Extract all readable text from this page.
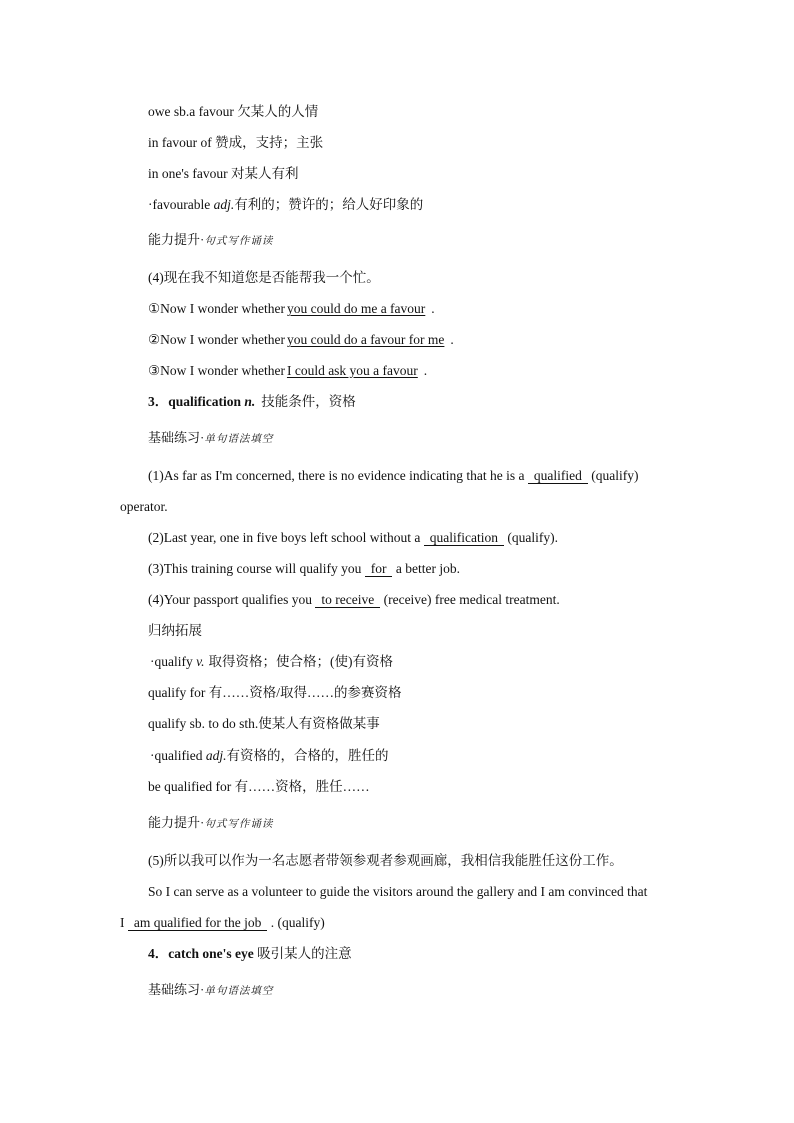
owe sb.a favour 欠某人的人情
in favour of 赞成，支持；主张
in one's favour 对某人有利
·favourable adj.有利的；赞许的；给人好印象的
能力提升·句式写作诵读
(4)现在我不知道您是否能帮我一个忙。
①Now I wonder whether you could do me a favour .
②Now I wonder whether you could do a favour for me .
③Now I wonder whether I could ask you a favour .
3．qualification n. 技能条件，资格
基础练习·单句语法填空
(1)As far as I'm concerned, there is no evidence indicating that he is a qualified (qualify)
operator.
(2)Last year, one in five boys left school without a qualification (qualify).
(3)This training course will qualify you for a better job.
(4)Your passport qualifies you to receive (receive) free medical treatment.
归纳拓展
·qualify v. 取得资格；使合格；(使)有资格
qualify for 有……资格/取得……的参赛资格
qualify sb. to do sth.使某人有资格做某事
·qualified adj.有资格的，合格的，胜任的
be qualified for 有……资格，胜任……
能力提升·句式写作诵读
(5)所以我可以作为一名志愿者带领参观者参观画廊，我相信我能胜任这份工作。
So I can serve as a volunteer to guide the visitors around the gallery and I am convinced that
I am qualified for the job . (qualify)
4．catch one's eye 吸引某人的注意
基础练习·单句语法填空
